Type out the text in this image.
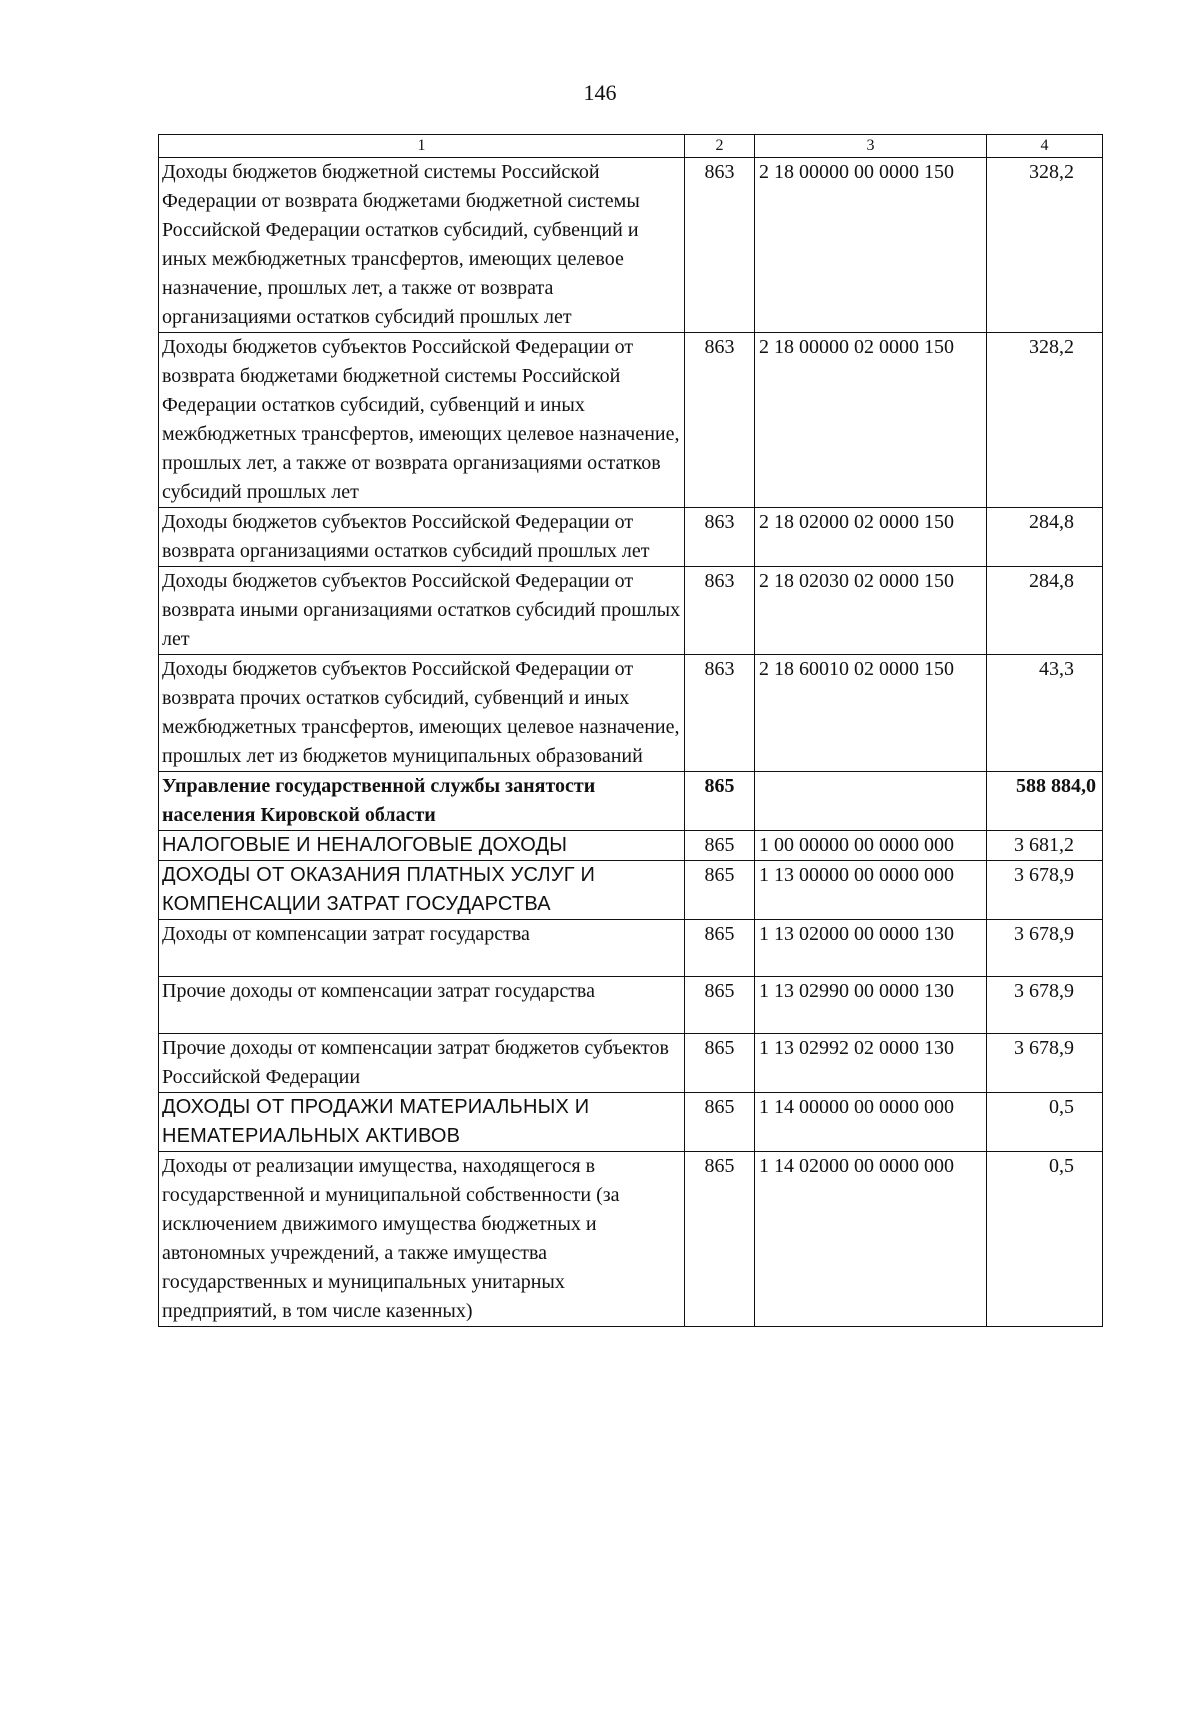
146
1	2	3	4
Доходы бюджетов бюджетной системы Российской Федерации от возврата бюджетами бюджетной системы Российской Федерации остатков субсидий, субвенций и иных межбюджетных трансфертов, имеющих целевое назначение, прошлых лет, а также от возврата организациями остатков субсидий прошлых лет	863	2 18 00000 00 0000 150	328,2
Доходы бюджетов субъектов Российской Федерации от возврата бюджетами бюджетной системы Российской Федерации остатков субсидий, субвенций и иных межбюджетных трансфертов, имеющих целевое назначение, прошлых лет, а также от возврата организациями остатков субсидий прошлых лет	863	2 18 00000 02 0000 150	328,2
Доходы бюджетов субъектов Российской Федерации от возврата организациями остатков субсидий прошлых лет	863	2 18 02000 02 0000 150	284,8
Доходы бюджетов субъектов Российской Федерации от возврата иными организациями остатков субсидий прошлых лет	863	2 18 02030 02 0000 150	284,8
Доходы бюджетов субъектов Российской Федерации от возврата прочих остатков субсидий, субвенций и иных межбюджетных трансфертов, имеющих целевое назначение, прошлых лет из бюджетов муниципальных образований	863	2 18 60010 02 0000 150	43,3
Управление государственной службы занятости населения Кировской области	865		588 884,0
НАЛОГОВЫЕ И НЕНАЛОГОВЫЕ ДОХОДЫ	865	1 00 00000 00 0000 000	3 681,2
ДОХОДЫ ОТ ОКАЗАНИЯ ПЛАТНЫХ УСЛУГ И КОМПЕНСАЦИИ ЗАТРАТ ГОСУДАРСТВА	865	1 13 00000 00 0000 000	3 678,9
Доходы от компенсации затрат государства	865	1 13 02000 00 0000 130	3 678,9
Прочие доходы от компенсации затрат государства	865	1 13 02990 00 0000 130	3 678,9
Прочие доходы от компенсации затрат бюджетов субъектов Российской Федерации	865	1 13 02992 02 0000 130	3 678,9
ДОХОДЫ ОТ ПРОДАЖИ МАТЕРИАЛЬНЫХ И НЕМАТЕРИАЛЬНЫХ АКТИВОВ	865	1 14 00000 00 0000 000	0,5
Доходы от реализации имущества, находящегося в государственной и муниципальной собственности (за исключением движимого имущества бюджетных и автономных учреждений, а также имущества государственных и муниципальных унитарных предприятий, в том числе казенных)	865	1 14 02000 00 0000 000	0,5
